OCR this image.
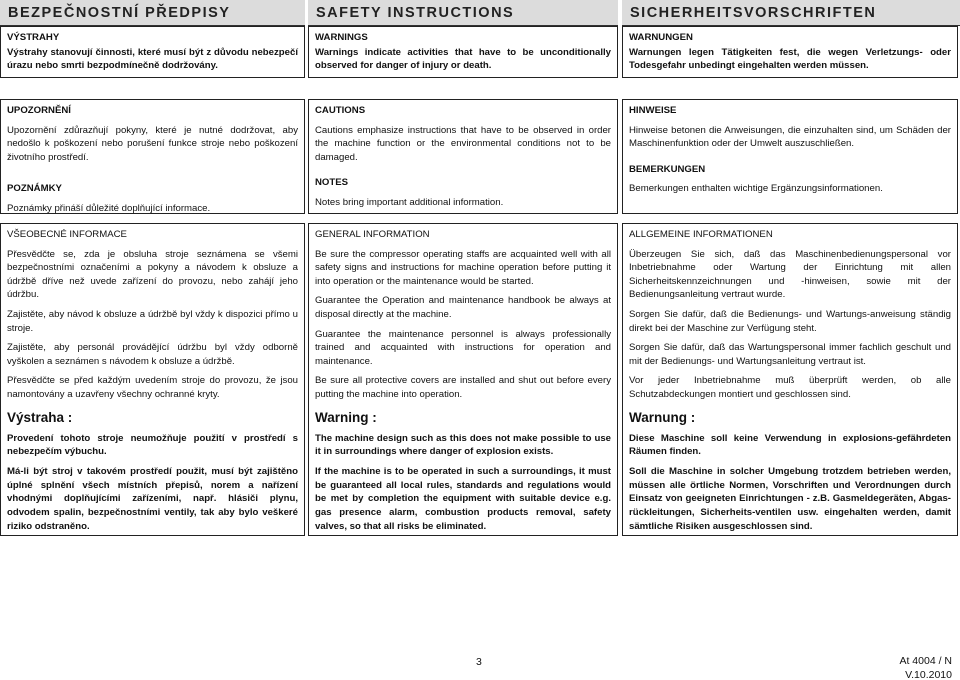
BEZPEČNOSTNÍ PŘEDPISY	SAFETY INSTRUCTIONS	SICHERHEITSVORSCHRIFTEN
VÝSTRAHY
Výstrahy stanovují činnosti, které musí být z důvodu nebezpečí úrazu nebo smrti bezpodmínečně dodržovány.
UPOZORNĚNÍ
Upozornění zdůrazňují pokyny, které je nutné dodržovat, aby nedošlo k poškození nebo porušení funkce stroje nebo poškození životního prostředí.
POZNÁMKY
Poznámky přináší důležité doplňující informace.
VŠEOBECNÉ INFORMACE
Přesvědčte se, zda je obsluha stroje seznámena se všemi bezpečnostními označeními a pokyny a návodem k obsluze a údržbě dříve než uvede zařízení do provozu, nebo zahájí jeho údržbu.
Zajistěte, aby návod k obsluze a údržbě byl vždy k dispozici přímo u stroje.
Zajistěte, aby personál provádějící údržbu byl vždy odborně vyškolen a seznámen s návodem k obsluze a údržbě.
Přesvědčte se před každým uvedením stroje do provozu, že jsou namontovány a uzavřeny všechny ochranné kryty.
Výstraha :
Provedení tohoto stroje neumožňuje použití v prostředí s nebezpečím výbuchu.
Má-li být stroj v takovém prostředí použit, musí být zajištěno úplné splnění všech místních přepisů, norem a nařízení vhodnými doplňujícími zařízeními, např. hlásiči plynu, odvodem spalin, bezpečnostními ventily, tak aby bylo veškeré riziko odstraněno.
WARNINGS
Warnings indicate activities that have to be unconditionally observed for danger of injury or death.
CAUTIONS
Cautions emphasize instructions that have to be observed in order the machine function or the environmental conditions not to be damaged.
NOTES
Notes bring important additional information.
GENERAL INFORMATION
Be sure the compressor operating staffs are acquainted well with all safety signs and instructions for machine operation before putting it into operation or the maintenance would be started.
Guarantee the Operation and maintenance handbook be always at disposal directly at the machine.
Guarantee the maintenance personnel is always professionally trained and acquainted with instructions for operation and maintenance.
Be sure all protective covers are installed and shut out before every putting the machine into operation.
Warning :
The machine design such as this does not make possible to use it in surroundings where danger of explosion exists.
If the machine is to be operated in such a surroundings, it must be guaranteed all local rules, standards and regulations would be met by completion the equipment with suitable device e.g. gas presence alarm, combustion products removal, safety valves, so that all risks be eliminated.
WARNUNGEN
Warnungen legen Tätigkeiten fest, die wegen Verletzungs- oder Todesgefahr unbedingt eingehalten werden müssen.
HINWEISE
Hinweise betonen die Anweisungen, die einzuhalten sind, um Schäden der Maschinenfunktion oder der Umwelt auszuschließen.
BEMERKUNGEN
Bemerkungen enthalten wichtige Ergänzungsinformationen.
ALLGEMEINE INFORMATIONEN
Überzeugen Sie sich, daß das Maschinenbedienungspersonal vor Inbetriebnahme oder Wartung der Einrichtung mit allen Sicherheitskennzeichnungen und -hinweisen, sowie mit der Bedienungsanleitung vertraut wurde.
Sorgen Sie dafür, daß die Bedienungs- und Wartungs-anweisung ständig direkt bei der Maschine zur Verfügung steht.
Sorgen Sie dafür, daß das Wartungspersonal immer fachlich geschult und mit der Bedienungs- und Wartungsanleitung vertraut ist.
Vor jeder Inbetriebnahme muß überprüft werden, ob alle Schutzabdeckungen montiert und geschlossen sind.
Warnung :
Diese Maschine soll keine Verwendung in explosions-gefährdeten Räumen finden.
Soll die Maschine in solcher Umgebung trotzdem betrieben werden, müssen alle örtliche Normen, Vorschriften und Verordnungen durch Einsatz von geeigneten Einrichtungen - z.B. Gasmeldegeräten, Abgas-rückleitungen, Sicherheits-ventilen usw. eingehalten werden, damit sämtliche Risiken ausgeschlossen sind.
3	At 4004 / N
V.10.2010
